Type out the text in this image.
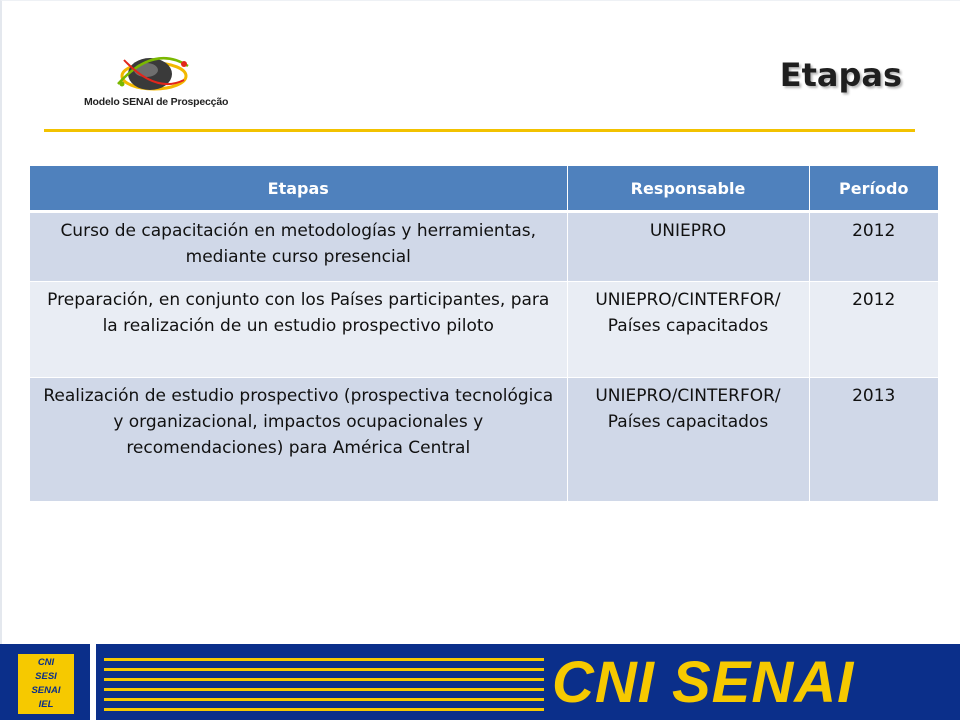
Modelo SENAI de Prospecção
Etapas
Etapas	Responsable	Período
Curso de capacitación en metodologías y herramientas, mediante curso presencial	UNIEPRO	2012
Preparación, en conjunto con los Países participantes, para la realización de un estudio prospectivo piloto	UNIEPRO/CINTERFOR/ Países capacitados	2012
Realización de estudio prospectivo (prospectiva tecnológica y organizacional, impactos ocupacionales y recomendaciones) para América Central	UNIEPRO/CINTERFOR/ Países capacitados	2013
CNI
SESI
SENAI
IEL	CNI SENAI
